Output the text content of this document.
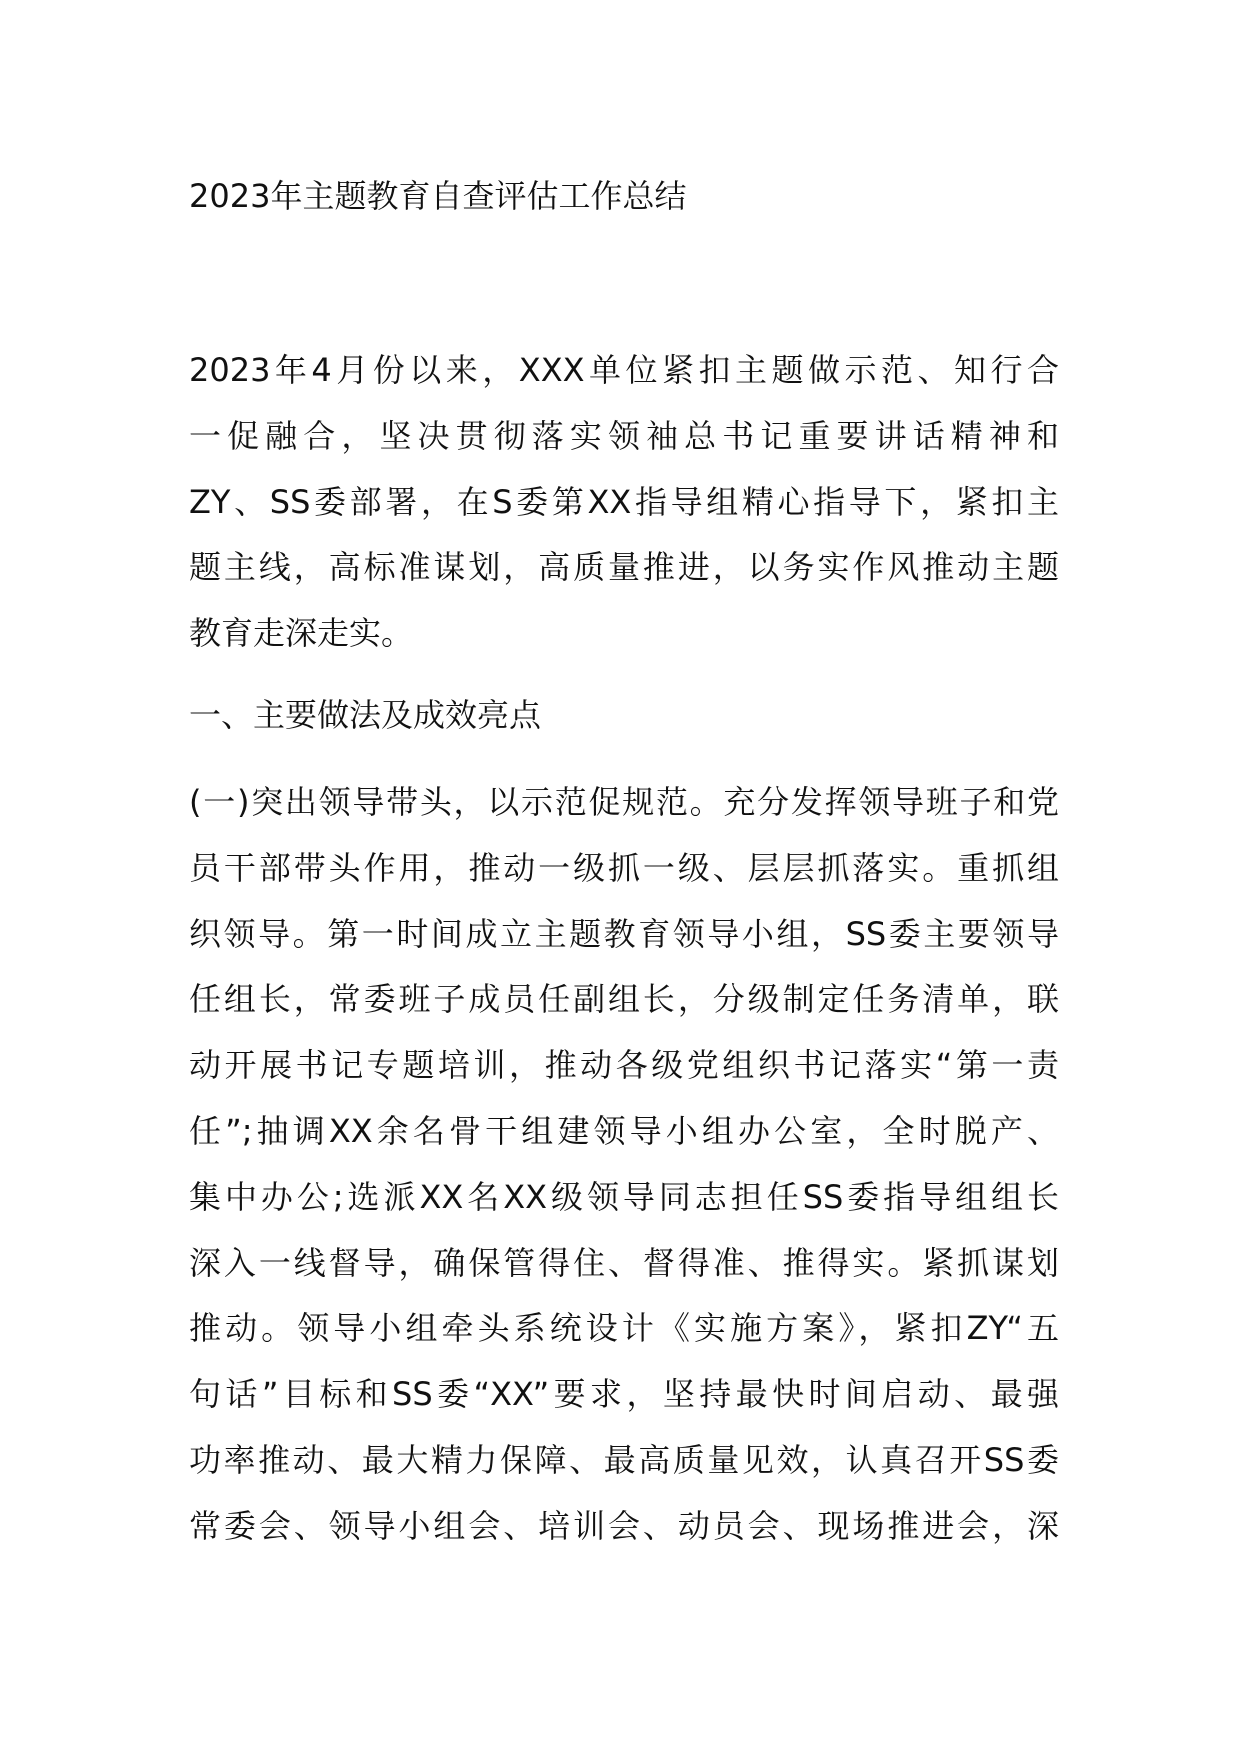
2023年主题教育自查评估工作总结
2023年4月份以来，XXX单位紧扣主题做示范、知行合
一促融合，坚决贯彻落实领袖总书记重要讲话精神和
ZY、SS委部署，在S委第XX指导组精心指导下，紧扣主
题主线，高标准谋划，高质量推进，以务实作风推动主题
教育走深走实。
一、主要做法及成效亮点
(一)突出领导带头，以示范促规范。充分发挥领导班子和党
员干部带头作用，推动一级抓一级、层层抓落实。重抓组
织领导。第一时间成立主题教育领导小组，SS委主要领导
任组长，常委班子成员任副组长，分级制定任务清单，联
动开展书记专题培训，推动各级党组织书记落实“第一责
任”;抽调XX余名骨干组建领导小组办公室，全时脱产、
集中办公;选派XX名XX级领导同志担任SS委指导组组长
深入一线督导，确保管得住、督得准、推得实。紧抓谋划
推动。领导小组牵头系统设计《实施方案》，紧扣ZY“五
句话”目标和SS委“XX”要求，坚持最快时间启动、最强
功率推动、最大精力保障、最高质量见效，认真召开SS委
常委会、领导小组会、培训会、动员会、现场推进会，深
